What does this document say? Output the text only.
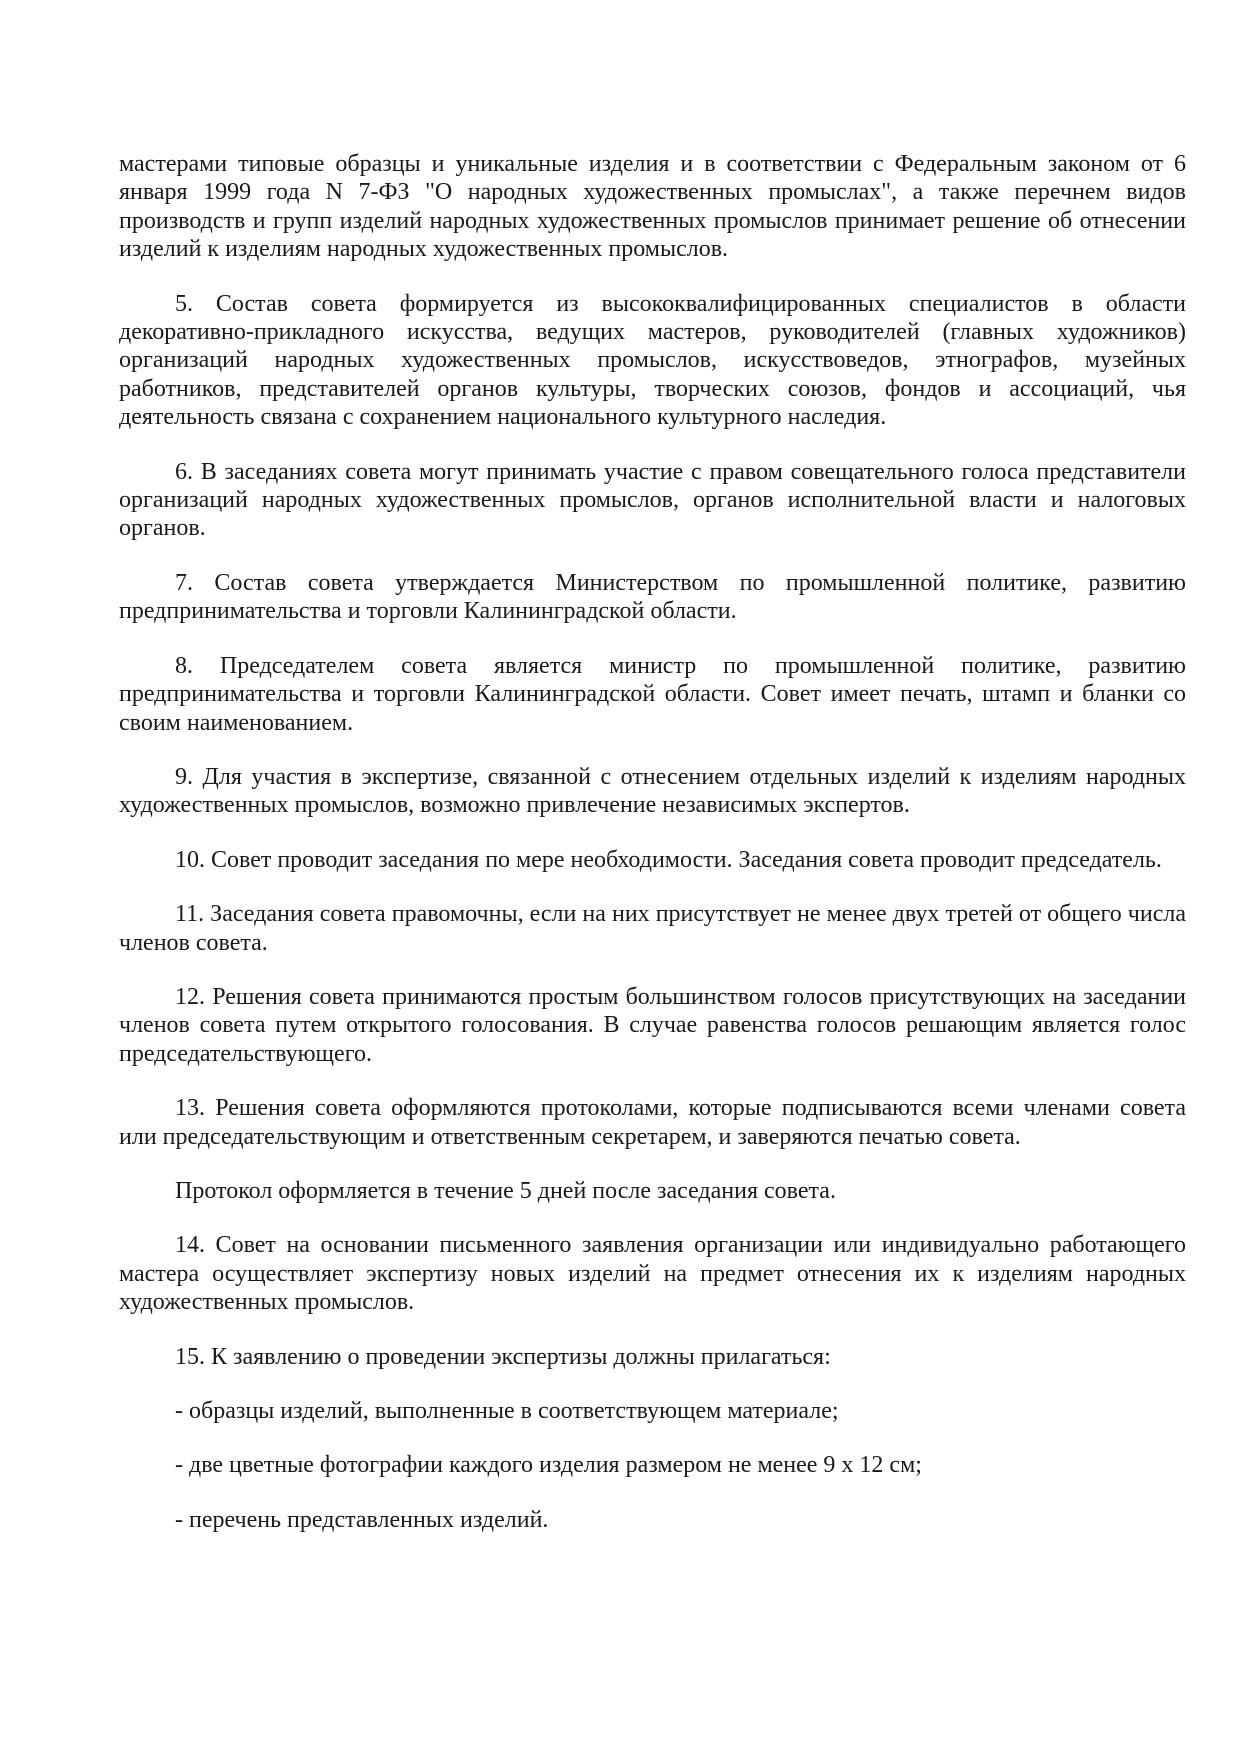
мастерами типовые образцы и уникальные изделия и в соответствии с Федеральным законом от 6 января 1999 года N 7-ФЗ "О народных художественных промыслах", а также перечнем видов производств и групп изделий народных художественных промыслов принимает решение об отнесении изделий к изделиям народных художественных промыслов.

5. Состав совета формируется из высококвалифицированных специалистов в области декоративно-прикладного искусства, ведущих мастеров, руководителей (главных художников) организаций народных художественных промыслов, искусствоведов, этнографов, музейных работников, представителей органов культуры, творческих союзов, фондов и ассоциаций, чья деятельность связана с сохранением национального культурного наследия.

6. В заседаниях совета могут принимать участие с правом совещательного голоса представители организаций народных художественных промыслов, органов исполнительной власти и налоговых органов.

7. Состав совета утверждается Министерством по промышленной политике, развитию предпринимательства и торговли Калининградской области.

8. Председателем совета является министр по промышленной политике, развитию предпринимательства и торговли Калининградской области. Совет имеет печать, штамп и бланки со своим наименованием.

9. Для участия в экспертизе, связанной с отнесением отдельных изделий к изделиям народных художественных промыслов, возможно привлечение независимых экспертов.

10. Совет проводит заседания по мере необходимости. Заседания совета проводит председатель.

11. Заседания совета правомочны, если на них присутствует не менее двух третей от общего числа членов совета.

12. Решения совета принимаются простым большинством голосов присутствующих на заседании членов совета путем открытого голосования. В случае равенства голосов решающим является голос председательствующего.

13. Решения совета оформляются протоколами, которые подписываются всеми членами совета или председательствующим и ответственным секретарем, и заверяются печатью совета.

Протокол оформляется в течение 5 дней после заседания совета.

14. Совет на основании письменного заявления организации или индивидуально работающего мастера осуществляет экспертизу новых изделий на предмет отнесения их к изделиям народных художественных промыслов.

15. К заявлению о проведении экспертизы должны прилагаться:

- образцы изделий, выполненные в соответствующем материале;

- две цветные фотографии каждого изделия размером не менее 9 х 12 см;

- перечень представленных изделий.
